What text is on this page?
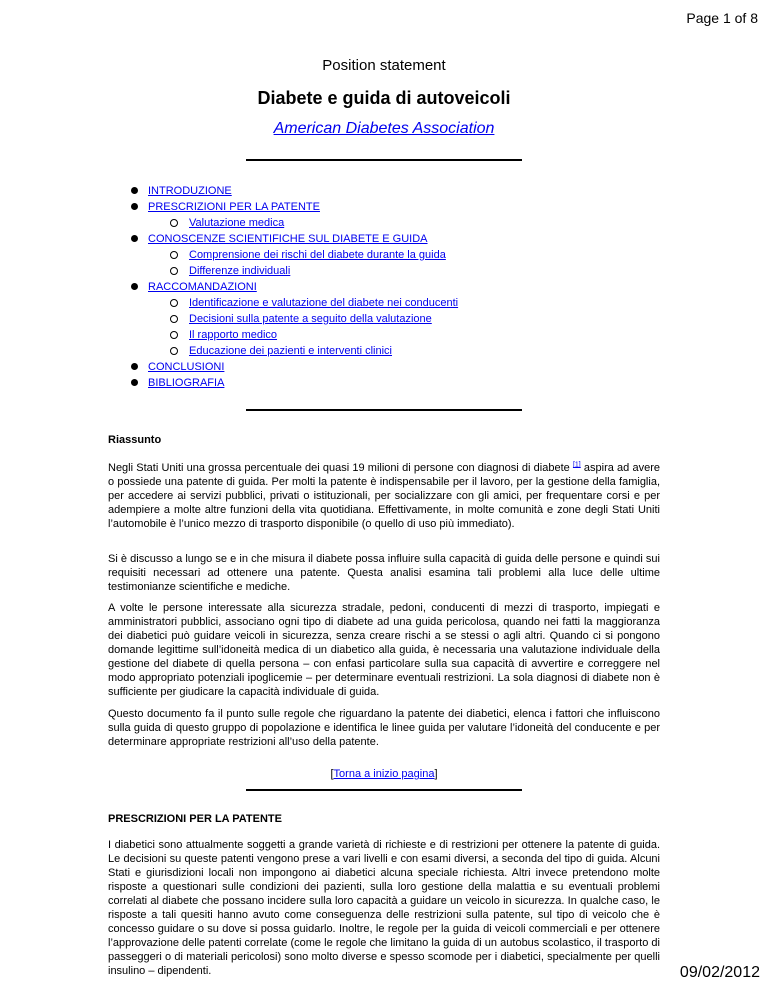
Page 1 of 8
Position statement
Diabete e guida di autoveicoli
American Diabetes Association
INTRODUZIONE
PRESCRIZIONI PER LA PATENTE
Valutazione medica
CONOSCENZE SCIENTIFICHE SUL DIABETE E GUIDA
Comprensione dei rischi del diabete durante la guida
Differenze individuali
RACCOMANDAZIONI
Identificazione e valutazione del diabete nei conducenti
Decisioni sulla patente a seguito della valutazione
Il rapporto medico
Educazione dei pazienti e interventi clinici
CONCLUSIONI
BIBLIOGRAFIA
Riassunto

Negli Stati Uniti una grossa percentuale dei quasi 19 milioni di persone con diagnosi di diabete [1] aspira ad avere o possiede una patente di guida. Per molti la patente è indispensabile per il lavoro, per la gestione della famiglia, per accedere ai servizi pubblici, privati o istituzionali, per socializzare con gli amici, per frequentare corsi e per adempiere a molte altre funzioni della vita quotidiana. Effettivamente, in molte comunità e zone degli Stati Uniti l’automobile è l’unico mezzo di trasporto disponibile (o quello di uso più immediato).

Si è discusso a lungo se e in che misura il diabete possa influire sulla capacità di guida delle persone e quindi sui requisiti necessari ad ottenere una patente. Questa analisi esamina tali problemi alla luce delle ultime testimonianze scientifiche e mediche.

A volte le persone interessate alla sicurezza stradale, pedoni, conducenti di mezzi di trasporto, impiegati e amministratori pubblici, associano ogni tipo di diabete ad una guida pericolosa, quando nei fatti la maggioranza dei diabetici può guidare veicoli in sicurezza, senza creare rischi a se stessi o agli altri. Quando ci si pongono domande legittime sull’idoneità medica di un diabetico alla guida, è necessaria una valutazione individuale della gestione del diabete di quella persona – con enfasi particolare sulla sua capacità di avvertire e correggere nel modo appropriato potenziali ipoglicemie – per determinare eventuali restrizioni. La sola diagnosi di diabete non è sufficiente per giudicare la capacità individuale di guida.

Questo documento fa il punto sulle regole che riguardano la patente dei diabetici, elenca i fattori che influiscono sulla guida di questo gruppo di popolazione e identifica le linee guida per valutare l’idoneità del conducente e per determinare appropriate restrizioni all’uso della patente.

[Torna a inizio pagina]
PRESCRIZIONI PER LA PATENTE

I diabetici sono attualmente soggetti a grande varietà di richieste e di restrizioni per ottenere la patente di guida. Le decisioni su queste patenti vengono prese a vari livelli e con esami diversi, a seconda del tipo di guida. Alcuni Stati e giurisdizioni locali non impongono ai diabetici alcuna speciale richiesta. Altri invece pretendono molte risposte a questionari sulle condizioni dei pazienti, sulla loro gestione della malattia e su eventuali problemi correlati al diabete che possano incidere sulla loro capacità a guidare un veicolo in sicurezza. In qualche caso, le risposte a tali quesiti hanno avuto come conseguenza delle restrizioni sulla patente, sul tipo di veicolo che è concesso guidare o su dove si possa guidarlo. Inoltre, le regole per la guida di veicoli commerciali e per ottenere l’approvazione delle patenti correlate (come le regole che limitano la guida di un autobus scolastico, il trasporto di passeggeri o di materiali pericolosi) sono molto diverse e spesso scomode per i diabetici, specialmente per quelli insulino – dipendenti.	09/02/2012
